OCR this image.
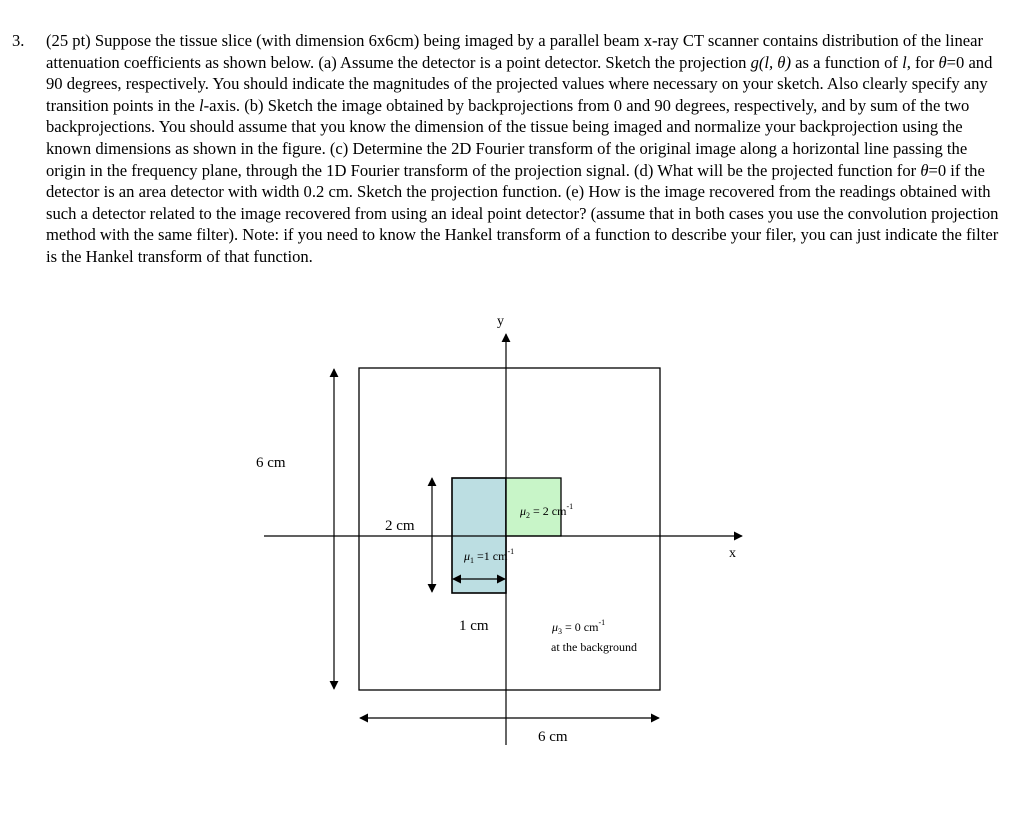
3. (25 pt) Suppose the tissue slice (with dimension 6x6cm) being imaged by a parallel beam x-ray CT scanner contains distribution of the linear attenuation coefficients as shown below. (a) Assume the detector is a point detector. Sketch the projection g(l, θ) as a function of l, for θ=0 and 90 degrees, respectively. You should indicate the magnitudes of the projected values where necessary on your sketch. Also clearly specify any transition points in the l-axis. (b) Sketch the image obtained by backprojections from 0 and 90 degrees, respectively, and by sum of the two backprojections. You should assume that you know the dimension of the tissue being imaged and normalize your backprojection using the known dimensions as shown in the figure. (c) Determine the 2D Fourier transform of the original image along a horizontal line passing the origin in the frequency plane, through the 1D Fourier transform of the projection signal. (d) What will be the projected function for θ=0 if the detector is an area detector with width 0.2 cm. Sketch the projection function. (e) How is the image recovered from the readings obtained with such a detector related to the image recovered from using an ideal point detector? (assume that in both cases you use the convolution projection method with the same filter). Note: if you need to know the Hankel transform of a function to describe your filer, you can just indicate the filter is the Hankel transform of that function.
y
x
6 cm
6 cm
2 cm
1 cm
$\mu_2 = 2$ $cm^{-1}$
$\mu_1 =1$ $cm^{-1}$
$\mu_3 = 0$ $cm^{-1}$
at the background
